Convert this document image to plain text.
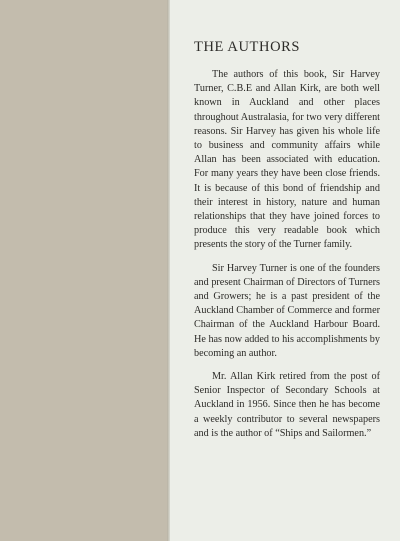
THE AUTHORS

The authors of this book, Sir Harvey Turner, C.B.E and Allan Kirk, are both well known in Auckland and other places throughout Australasia, for two very different reasons. Sir Harvey has given his whole life to business and community affairs while Allan has been associated with education. For many years they have been close friends. It is because of this bond of friendship and their interest in history, nature and human relationships that they have joined forces to produce this very readable book which presents the story of the Turner family.

Sir Harvey Turner is one of the founders and present Chairman of Directors of Turners and Growers; he is a past president of the Auckland Chamber of Commerce and former Chairman of the Auckland Harbour Board. He has now added to his accomplishments by becoming an author.

Mr. Allan Kirk retired from the post of Senior Inspector of Secondary Schools at Auckland in 1956. Since then he has become a weekly contributor to several newspapers and is the author of “Ships and Sailormen.”
